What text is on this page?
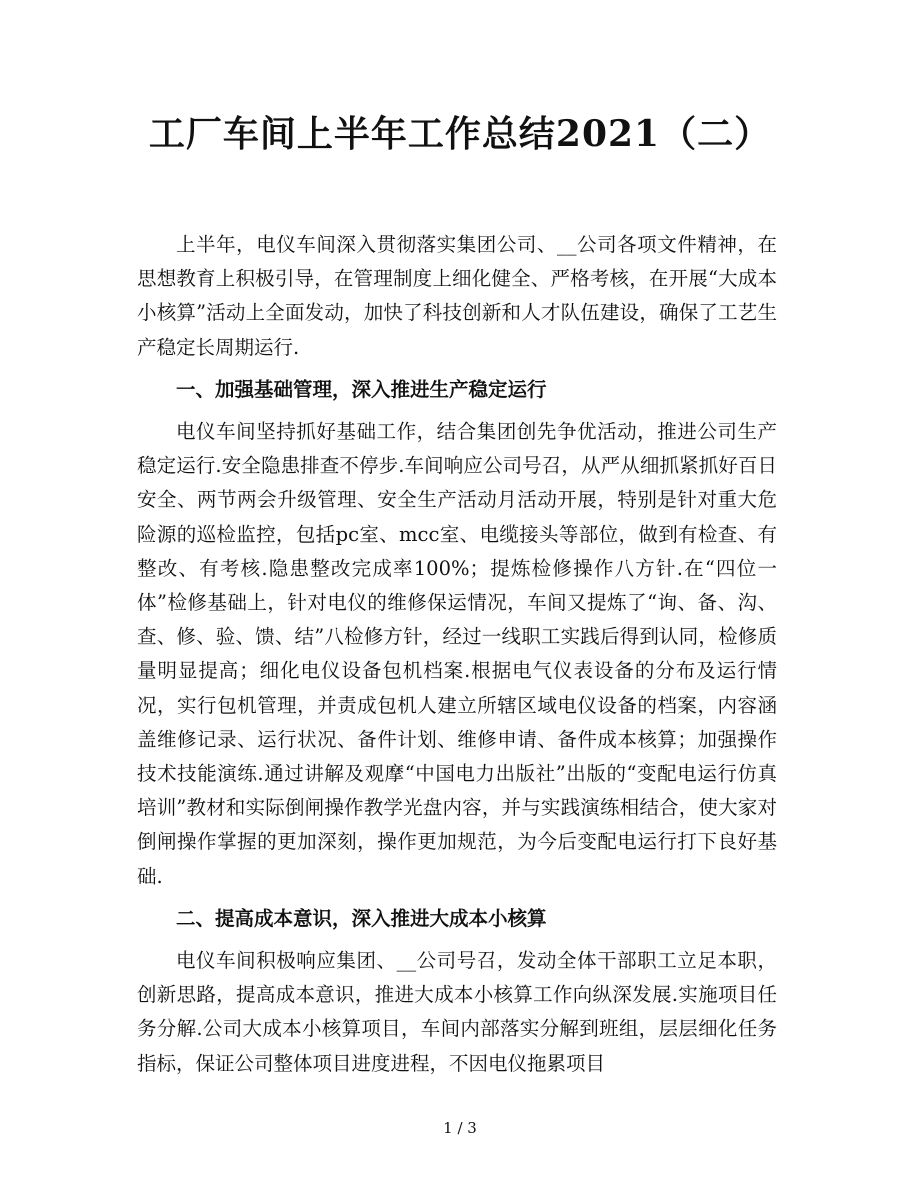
工厂车间上半年工作总结2021（二）

上半年，电仪车间深入贯彻落实集团公司、__公司各项文件精神，在思想教育上积极引导，在管理制度上细化健全、严格考核，在开展“大成本小核算”活动上全面发动，加快了科技创新和人才队伍建设，确保了工艺生产稳定长周期运行.

一、加强基础管理，深入推进生产稳定运行

电仪车间坚持抓好基础工作，结合集团创先争优活动，推进公司生产稳定运行.安全隐患排查不停步.车间响应公司号召，从严从细抓紧抓好百日安全、两节两会升级管理、安全生产活动月活动开展，特别是针对重大危险源的巡检监控，包括pc室、mcc室、电缆接头等部位，做到有检查、有整改、有考核.隐患整改完成率100%；提炼检修操作八方针.在“四位一体”检修基础上，针对电仪的维修保运情况，车间又提炼了“询、备、沟、查、修、验、馈、结”八检修方针，经过一线职工实践后得到认同，检修质量明显提高；细化电仪设备包机档案.根据电气仪表设备的分布及运行情况，实行包机管理，并责成包机人建立所辖区域电仪设备的档案，内容涵盖维修记录、运行状况、备件计划、维修申请、备件成本核算；加强操作技术技能演练.通过讲解及观摩“中国电力出版社”出版的“变配电运行仿真培训”教材和实际倒闸操作教学光盘内容，并与实践演练相结合，使大家对倒闸操作掌握的更加深刻，操作更加规范，为今后变配电运行打下良好基础.

二、提高成本意识，深入推进大成本小核算

电仪车间积极响应集团、__公司号召，发动全体干部职工立足本职，创新思路，提高成本意识，推进大成本小核算工作向纵深发展.实施项目任务分解.公司大成本小核算项目，车间内部落实分解到班组，层层细化任务指标，保证公司整体项目进度进程，不因电仪拖累项目

1 / 3
